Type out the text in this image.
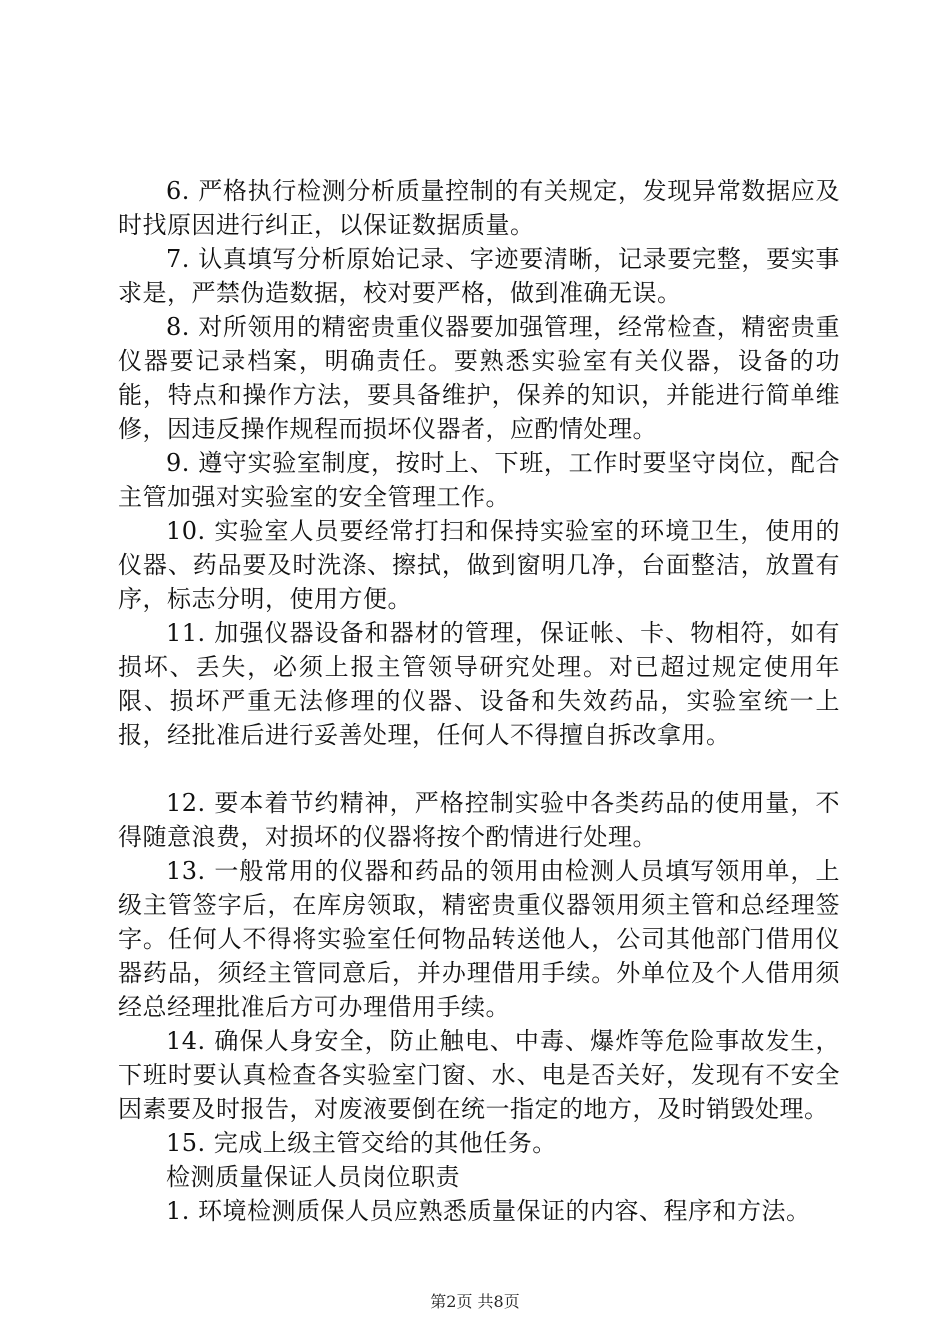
6. 严格执行检测分析质量控制的有关规定，发现异常数据应及时找原因进行纠正，以保证数据质量。

7. 认真填写分析原始记录、字迹要清晰，记录要完整，要实事求是，严禁伪造数据，校对要严格，做到准确无误。

8. 对所领用的精密贵重仪器要加强管理，经常检查，精密贵重仪器要记录档案，明确责任。要熟悉实验室有关仪器，设备的功能，特点和操作方法，要具备维护，保养的知识，并能进行简单维修，因违反操作规程而损坏仪器者，应酌情处理。

9. 遵守实验室制度，按时上、下班，工作时要坚守岗位，配合主管加强对实验室的安全管理工作。

10. 实验室人员要经常打扫和保持实验室的环境卫生，使用的仪器、药品要及时洗涤、擦拭，做到窗明几净，台面整洁，放置有序，标志分明，使用方便。

11. 加强仪器设备和器材的管理，保证帐、卡、物相符，如有损坏、丢失，必须上报主管领导研究处理。对已超过规定使用年限、损坏严重无法修理的仪器、设备和失效药品，实验室统一上报，经批准后进行妥善处理，任何人不得擅自拆改拿用。

12. 要本着节约精神，严格控制实验中各类药品的使用量，不得随意浪费，对损坏的仪器将按个酌情进行处理。

13. 一般常用的仪器和药品的领用由检测人员填写领用单，上级主管签字后，在库房领取，精密贵重仪器领用须主管和总经理签字。任何人不得将实验室任何物品转送他人，公司其他部门借用仪器药品，须经主管同意后，并办理借用手续。外单位及个人借用须经总经理批准后方可办理借用手续。

14. 确保人身安全，防止触电、中毒、爆炸等危险事故发生，下班时要认真检查各实验室门窗、水、电是否关好，发现有不安全因素要及时报告，对废液要倒在统一指定的地方，及时销毁处理。

15. 完成上级主管交给的其他任务。

检测质量保证人员岗位职责

1. 环境检测质保人员应熟悉质量保证的内容、程序和方法。

第2页 共8页
